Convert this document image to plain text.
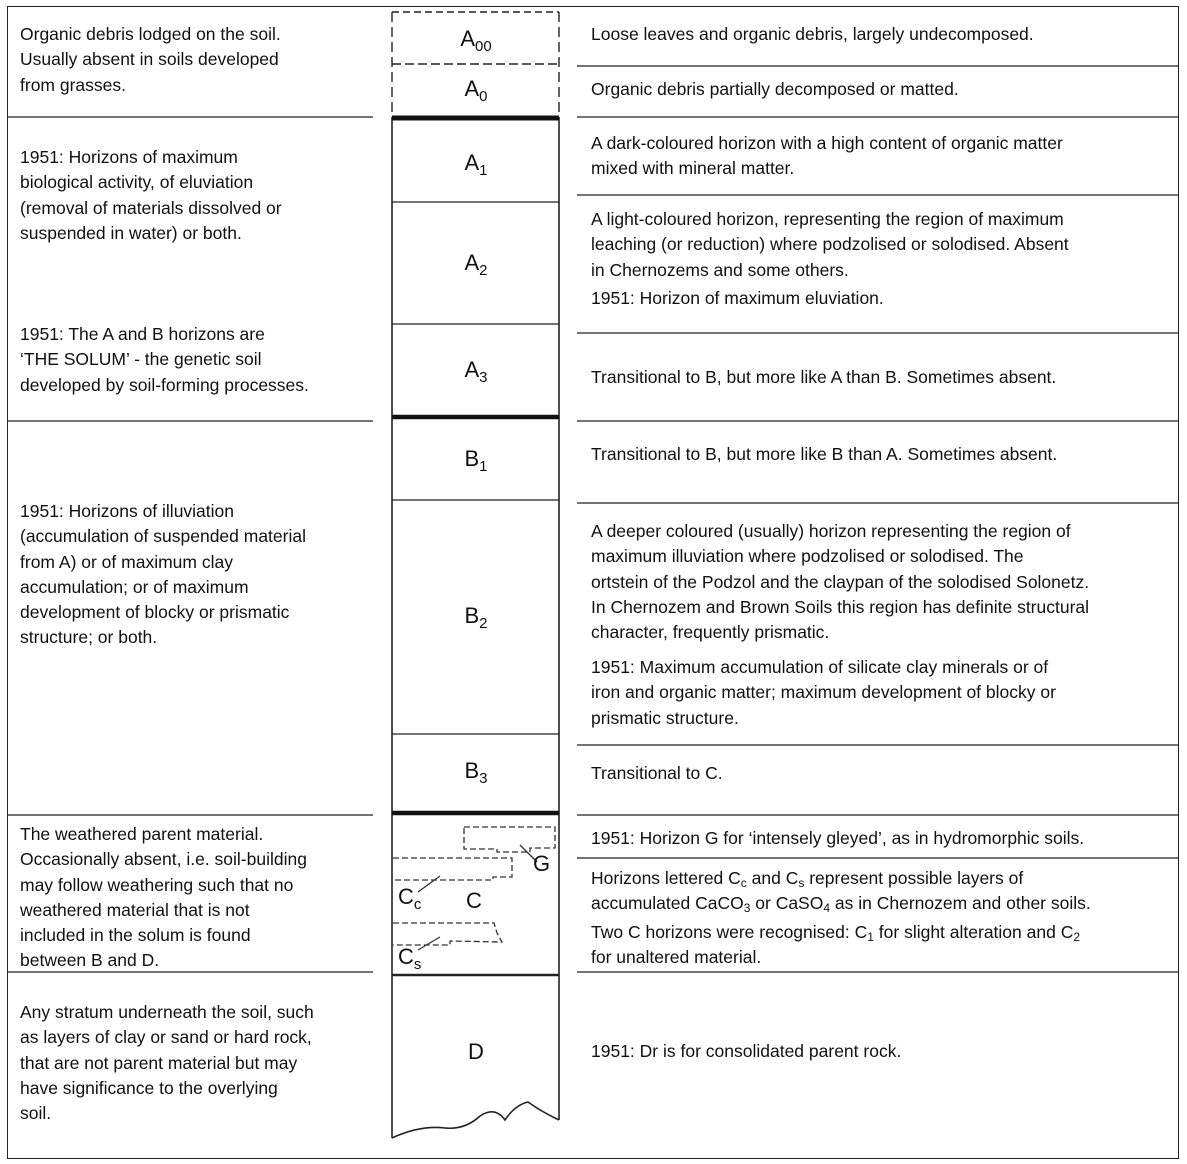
Organic debris lodged on the soil.
Usually absent in soils developed
from grasses.
1951: Horizons of maximum
biological activity, of eluviation
(removal of materials dissolved or
suspended in water) or both.
1951: The A and B horizons are
‘THE SOLUM’ - the genetic soil
developed by soil-forming processes.
1951: Horizons of illuviation
(accumulation of suspended material
from A) or of maximum clay
accumulation; or of maximum
development of blocky or prismatic
structure; or both.
The weathered parent material.
Occasionally absent, i.e. soil-building
may follow weathering such that no
weathered material that is not
included in the solum is found
between B and D.
Any stratum underneath the soil, such
as layers of clay or sand or hard rock,
that are not parent material but may
have significance to the overlying
soil.
$A_{00}$
$A_0$
$A_1$
$A_2$
$A_3$
$B_1$
$B_2$
$B_3$
C
G
$C_c$
$C_s$
D
Loose leaves and organic debris, largely undecomposed.
Organic debris partially decomposed or matted.
A dark-coloured horizon with a high content of organic matter
mixed with mineral matter.
A light-coloured horizon, representing the region of maximum
leaching (or reduction) where podzolised or solodised. Absent
in Chernozems and some others.
1951: Horizon of maximum eluviation.
Transitional to B, but more like A than B. Sometimes absent.
Transitional to B, but more like B than A. Sometimes absent.
A deeper coloured (usually) horizon representing the region of
maximum illuviation where podzolised or solodised. The
ortstein of the Podzol and the claypan of the solodised Solonetz.
In Chernozem and Brown Soils this region has definite structural
character, frequently prismatic.
1951: Maximum accumulation of silicate clay minerals or of
iron and organic matter; maximum development of blocky or
prismatic structure.
Transitional to C.
1951: Horizon G for ‘intensely gleyed’, as in hydromorphic soils.
Horizons lettered $C_c$ and $C_s$ represent possible layers of
accumulated CaCO$_3$ or CaSO$_4$ as in Chernozem and other soils.
Two C horizons were recognised: $C_1$ for slight alteration and $C_2$
for unaltered material.
1951: Dr is for consolidated parent rock.
